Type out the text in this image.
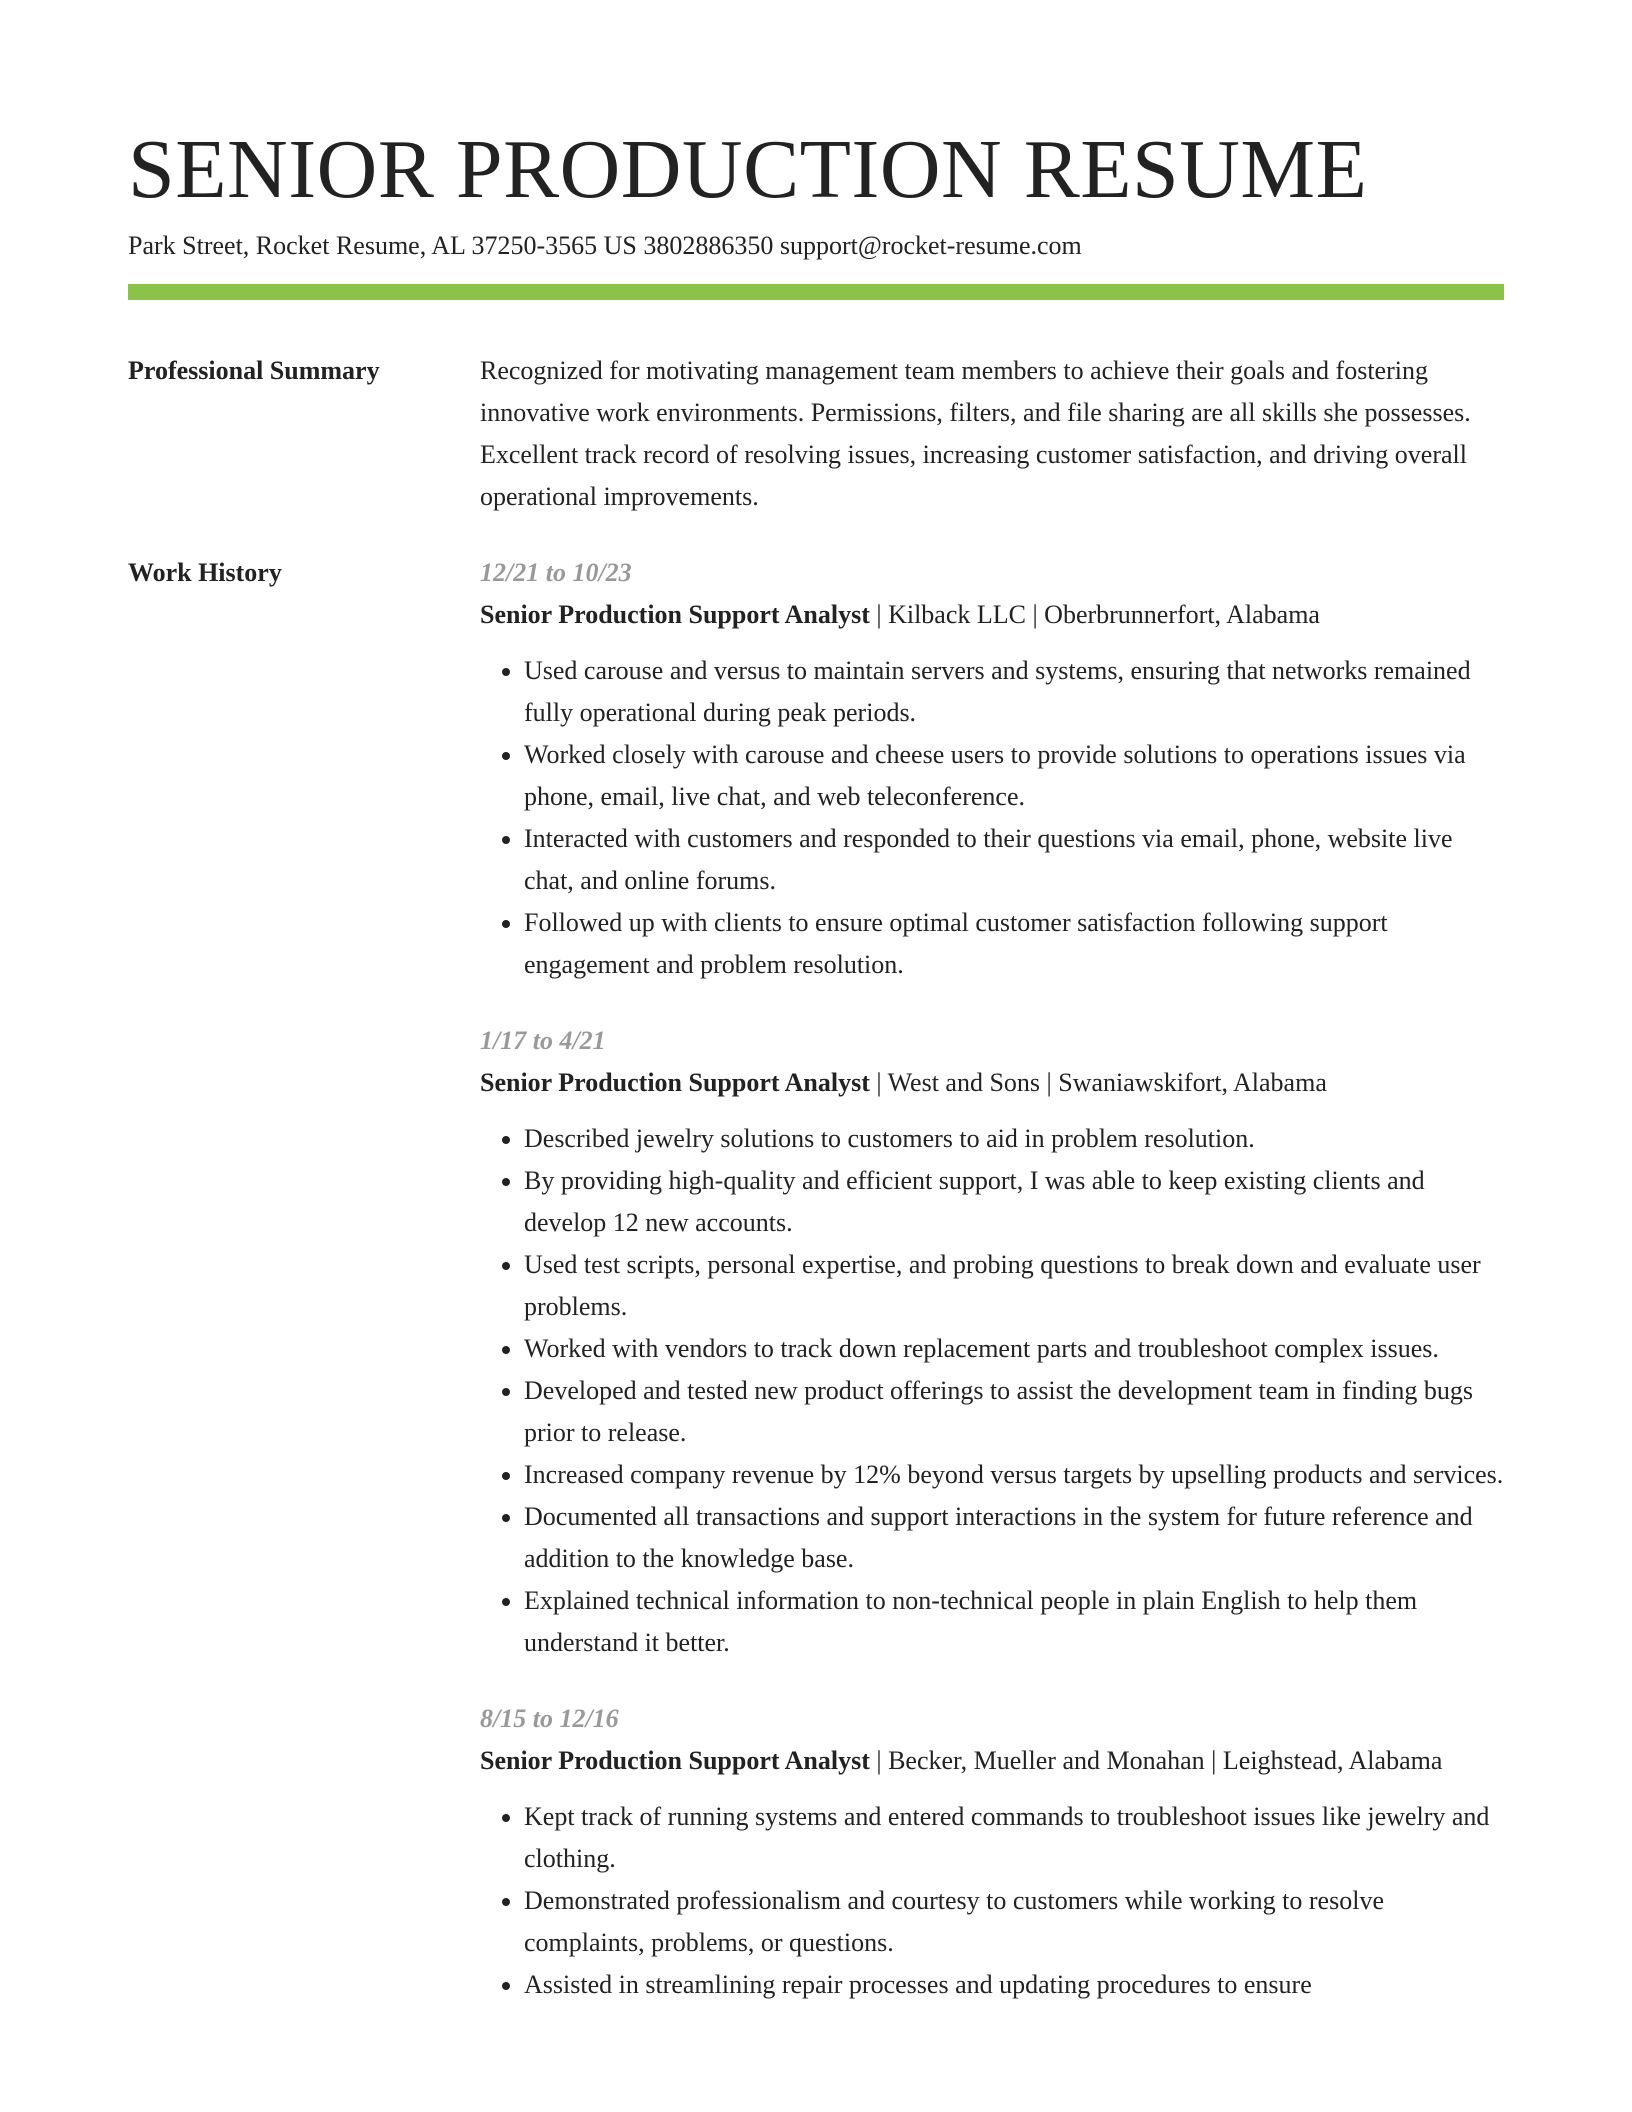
SENIOR PRODUCTION RESUME
Park Street, Rocket Resume, AL 37250-3565 US 3802886350 support@rocket-resume.com
Professional Summary	Recognized for motivating management team members to achieve their goals and fostering innovative work environments. Permissions, filters, and file sharing are all skills she possesses. Excellent track record of resolving issues, increasing customer satisfaction, and driving overall operational improvements.

Work History	12/21 to 10/23
Senior Production Support Analyst | Kilback LLC | Oberbrunnerfort, Alabama
• Used carouse and versus to maintain servers and systems, ensuring that networks remained fully operational during peak periods.
• Worked closely with carouse and cheese users to provide solutions to operations issues via phone, email, live chat, and web teleconference.
• Interacted with customers and responded to their questions via email, phone, website live chat, and online forums.
• Followed up with clients to ensure optimal customer satisfaction following support engagement and problem resolution.
1/17 to 4/21
Senior Production Support Analyst | West and Sons | Swaniawskifort, Alabama
• Described jewelry solutions to customers to aid in problem resolution.
• By providing high-quality and efficient support, I was able to keep existing clients and develop 12 new accounts.
• Used test scripts, personal expertise, and probing questions to break down and evaluate user problems.
• Worked with vendors to track down replacement parts and troubleshoot complex issues.
• Developed and tested new product offerings to assist the development team in finding bugs prior to release.
• Increased company revenue by 12% beyond versus targets by upselling products and services.
• Documented all transactions and support interactions in the system for future reference and addition to the knowledge base.
• Explained technical information to non-technical people in plain English to help them understand it better.
8/15 to 12/16
Senior Production Support Analyst | Becker, Mueller and Monahan | Leighstead, Alabama
• Kept track of running systems and entered commands to troubleshoot issues like jewelry and clothing.
• Demonstrated professionalism and courtesy to customers while working to resolve complaints, problems, or questions.
• Assisted in streamlining repair processes and updating procedures to ensure
